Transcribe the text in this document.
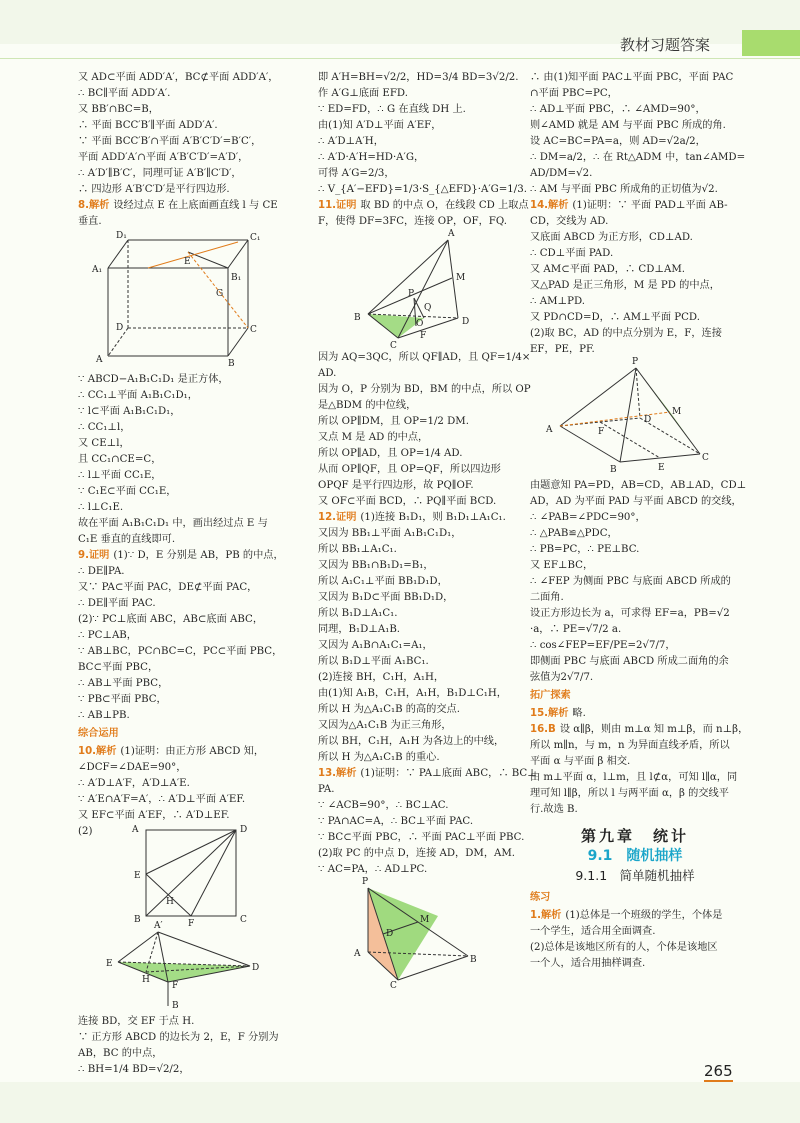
教材习题答案
又 AD⊂平面 ADD′A′，BC⊄平面 ADD′A′，
∴ BC∥平面 ADD′A′.
又 BB′∩BC=B，
∴ 平面 BCC′B′∥平面 ADD′A′.
∵ 平面 BCC′B′∩平面 A′B′C′D′=B′C′，
平面 ADD′A′∩平面 A′B′C′D′=A′D′，
∴ A′D′∥B′C′，同理可证 A′B′∥C′D′，
∴ 四边形 A′B′C′D′是平行四边形.
8.解析 设经过点 E 在上底面画直线 l 与 CE
垂直.
D₁	C₁
A₁
B₁
E
G
D	C
A	B
∵ ABCD−A₁B₁C₁D₁ 是正方体，
∴ CC₁⊥平面 A₁B₁C₁D₁，
∵ l⊂平面 A₁B₁C₁D₁，
∴ CC₁⊥l，
又 CE⊥l，
且 CC₁∩CE=C，
∴ l⊥平面 CC₁E，
∵ C₁E⊂平面 CC₁E，
∴ l⊥C₁E.
故在平面 A₁B₁C₁D₁ 中，画出经过点 E 与
C₁E 垂直的直线即可.
9.证明 (1)∵ D，E 分别是 AB，PB 的中点，
∴ DE∥PA.
又∵ PA⊂平面 PAC，DE⊄平面 PAC，
∴ DE∥平面 PAC.
(2)∵ PC⊥底面 ABC，AB⊂底面 ABC，
∴ PC⊥AB，
∵ AB⊥BC，PC∩BC=C，PC⊂平面 PBC，
BC⊂平面 PBC，
∴ AB⊥平面 PBC，
∵ PB⊂平面 PBC，
∴ AB⊥PB.
综合运用
10.解析 (1)证明：由正方形 ABCD 知，
∠DCF=∠DAE=90°，
∴ A′D⊥A′F，A′D⊥A′E.
∵ A′E∩A′F=A′，∴ A′D⊥平面 A′EF.
又 EF⊂平面 A′EF，∴ A′D⊥EF.
(2)	A	D
E
H
B	F	C
A′
E
H
D
F
B
连接 BD，交 EF 于点 H.
∵ 正方形 ABCD 的边长为 2，E，F 分别为
AB，BC 的中点，
∴ BH=1/4 BD=√2/2，
即 A′H=BH=√2/2，HD=3/4 BD=3√2/2.
作 A′G⊥底面 EFD.
∵ ED=FD，∴ G 在直线 DH 上.
由(1)知 A′D⊥平面 A′EF，
∴ A′D⊥A′H，
∴ A′D·A′H=HD·A′G，
可得 A′G=2/3，
∴ V_{A′−EFD}=1/3·S_{△EFD}·A′G=1/3.
11.证明 取 BD 的中点 O，在线段 CD 上取点
F，使得 DF=3FC，连接 OP，OF，FQ.
A
M
P
Q
B
O	D
F
C
因为 AQ=3QC，所以 QF∥AD，且 QF=1/4×
AD.
因为 O，P 分别为 BD，BM 的中点，所以 OP
是△BDM 的中位线，
所以 OP∥DM，且 OP=1/2 DM.
又点 M 是 AD 的中点，
所以 OP∥AD，且 OP=1/4 AD.
从而 OP∥QF，且 OP=QF，所以四边形
OPQF 是平行四边形，故 PQ∥OF.
又 OF⊂平面 BCD，∴ PQ∥平面 BCD.
12.证明 (1)连接 B₁D₁，则 B₁D₁⊥A₁C₁.
又因为 BB₁⊥平面 A₁B₁C₁D₁，
所以 BB₁⊥A₁C₁.
又因为 BB₁∩B₁D₁=B₁，
所以 A₁C₁⊥平面 BB₁D₁D，
又因为 B₁D⊂平面 BB₁D₁D，
所以 B₁D⊥A₁C₁.
同理，B₁D⊥A₁B.
又因为 A₁B∩A₁C₁=A₁，
所以 B₁D⊥平面 A₁BC₁.
(2)连接 BH，C₁H，A₁H，
由(1)知 A₁B，C₁H，A₁H，B₁D⊥C₁H，
所以 H 为△A₁C₁B 的高的交点.
又因为△A₁C₁B 为正三角形，
所以 BH，C₁H，A₁H 为各边上的中线，
所以 H 为△A₁C₁B 的重心.
13.解析 (1)证明：∵ PA⊥底面 ABC，∴ BC⊥
PA.
∵ ∠ACB=90°，∴ BC⊥AC.
∵ PA∩AC=A，∴ BC⊥平面 PAC.
∵ BC⊂平面 PBC，∴ 平面 PAC⊥平面 PBC.
(2)取 PC 的中点 D，连接 AD，DM，AM.
∵ AC=PA，∴ AD⊥PC.
P
M
D
A
B
C
∴ 由(1)知平面 PAC⊥平面 PBC，平面 PAC
∩平面 PBC=PC，
∴ AD⊥平面 PBC，∴ ∠AMD=90°，
则∠AMD 就是 AM 与平面 PBC 所成的角.
设 AC=BC=PA=a，则 AD=√2a/2，
∴ DM=a/2，∴ 在 Rt△ADM 中，tan∠AMD=
AD/DM=√2.
∴ AM 与平面 PBC 所成角的正切值为√2.
14.解析 (1)证明：∵ 平面 PAD⊥平面 AB-
CD，交线为 AD.
又底面 ABCD 为正方形，CD⊥AD.
∴ CD⊥平面 PAD.
又 AM⊂平面 PAD，∴ CD⊥AM.
又△PAD 是正三角形，M 是 PD 的中点，
∴ AM⊥PD.
又 PD∩CD=D，∴ AM⊥平面 PCD.
(2)取 BC，AD 的中点分别为 E，F，连接
EF，PE，PF.
P
M
A
D
F
B	E
C
由题意知 PA=PD，AB=CD，AB⊥AD，CD⊥
AD，AD 为平面 PAD 与平面 ABCD 的交线，
∴ ∠PAB=∠PDC=90°，
∴ △PAB≌△PDC，
∴ PB=PC，∴ PE⊥BC.
又 EF⊥BC，
∴ ∠FEP 为侧面 PBC 与底面 ABCD 所成的
二面角.
设正方形边长为 a，可求得 EF=a，PB=√2
·a，∴ PE=√7/2 a.
∴ cos∠FEP=EF/PE=2√7/7，
即侧面 PBC 与底面 ABCD 所成二面角的余
弦值为2√7/7.
拓广探索
15.解析 略.
16.B 设 α∥β，则由 m⊥α 知 m⊥β，而 n⊥β，
所以 m∥n，与 m，n 为异面直线矛盾，所以
平面 α 与平面 β 相交.
由 m⊥平面 α，l⊥m，且 l⊄α，可知 l∥α，同
理可知 l∥β，所以 l 与两平面 α，β 的交线平
行.故选 B.
第九章　统计
9.1　随机抽样
9.1.1　简单随机抽样
练习
1.解析 (1)总体是一个班级的学生，个体是
一个学生，适合用全面调查.
(2)总体是该地区所有的人，个体是该地区
一个人，适合用抽样调查.
265
